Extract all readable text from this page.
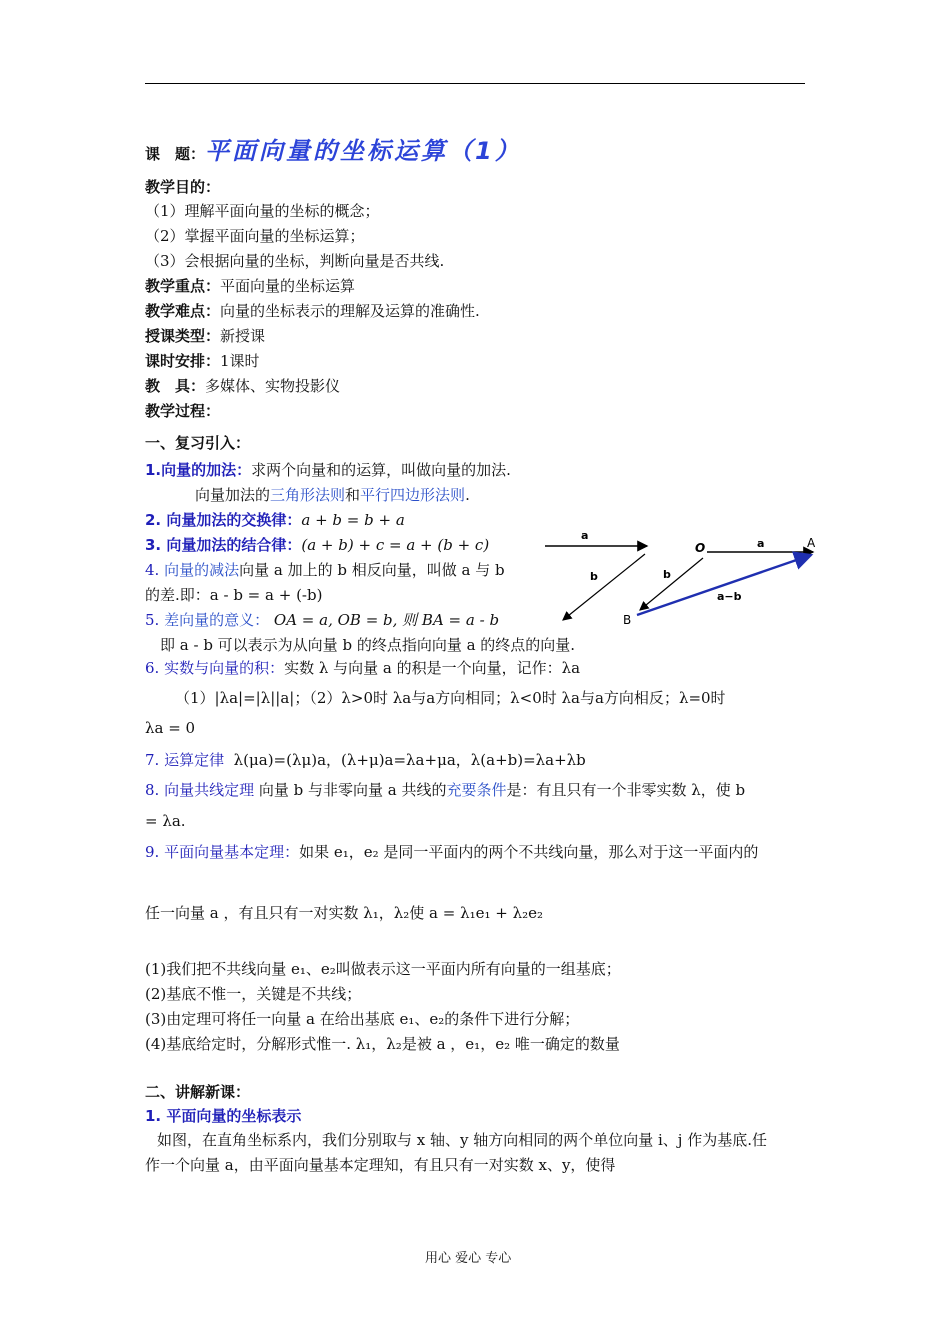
课　题：平面向量的坐标运算（1）
教学目的：
（1）理解平面向量的坐标的概念；
（2）掌握平面向量的坐标运算；
（3）会根据向量的坐标，判断向量是否共线.
教学重点：平面向量的坐标运算
教学难点：向量的坐标表示的理解及运算的准确性.
授课类型：新授课
课时安排：1课时
教　具：多媒体、实物投影仪
教学过程：
一、复习引入：
1.向量的加法：求两个向量和的运算，叫做向量的加法.
向量加法的三角形法则和平行四边形法则.
2. 向量加法的交换律：a + b = b + a
3. 向量加法的结合律：(a + b) + c = a + (b + c)
4. 向量的减法向量 a 加上的 b 相反向量，叫做 a 与 b
的差.即：a - b = a + (-b)
5. 差向量的意义： OA = a, OB = b, 则 BA = a - b
即 a - b 可以表示为从向量 b 的终点指向向量 a 的终点的向量.
6. 实数与向量的积：实数 λ 与向量 a 的积是一个向量，记作：λa
（1）|λa|=|λ||a|；（2）λ>0时 λa与a方向相同；λ<0时 λa与a方向相反；λ=0时
λa = 0
7. 运算定律 λ(μa)=(λμ)a，(λ+μ)a=λa+μa，λ(a+b)=λa+λb
8. 向量共线定理 向量 b 与非零向量 a 共线的充要条件是：有且只有一个非零实数 λ，使 b
= λa.
9. 平面向量基本定理：如果 e₁，e₂ 是同一平面内的两个不共线向量，那么对于这一平面内的
任一向量 a ，有且只有一对实数 λ₁，λ₂使 a = λ₁e₁ + λ₂e₂
(1)我们把不共线向量 e₁、e₂叫做表示这一平面内所有向量的一组基底；
(2)基底不惟一，关键是不共线；
(3)由定理可将任一向量 a 在给出基底 e₁、e₂的条件下进行分解；
(4)基底给定时，分解形式惟一. λ₁，λ₂是被 a ，e₁，e₂ 唯一确定的数量
二、讲解新课：
1. 平面向量的坐标表示
如图，在直角坐标系内，我们分别取与 x 轴、y 轴方向相同的两个单位向量 i、j 作为基底.任
作一个向量 a，由平面向量基本定理知，有且只有一对实数 x、y，使得
a
b
O	a	A
b
a−b
B
用心 爱心 专心
